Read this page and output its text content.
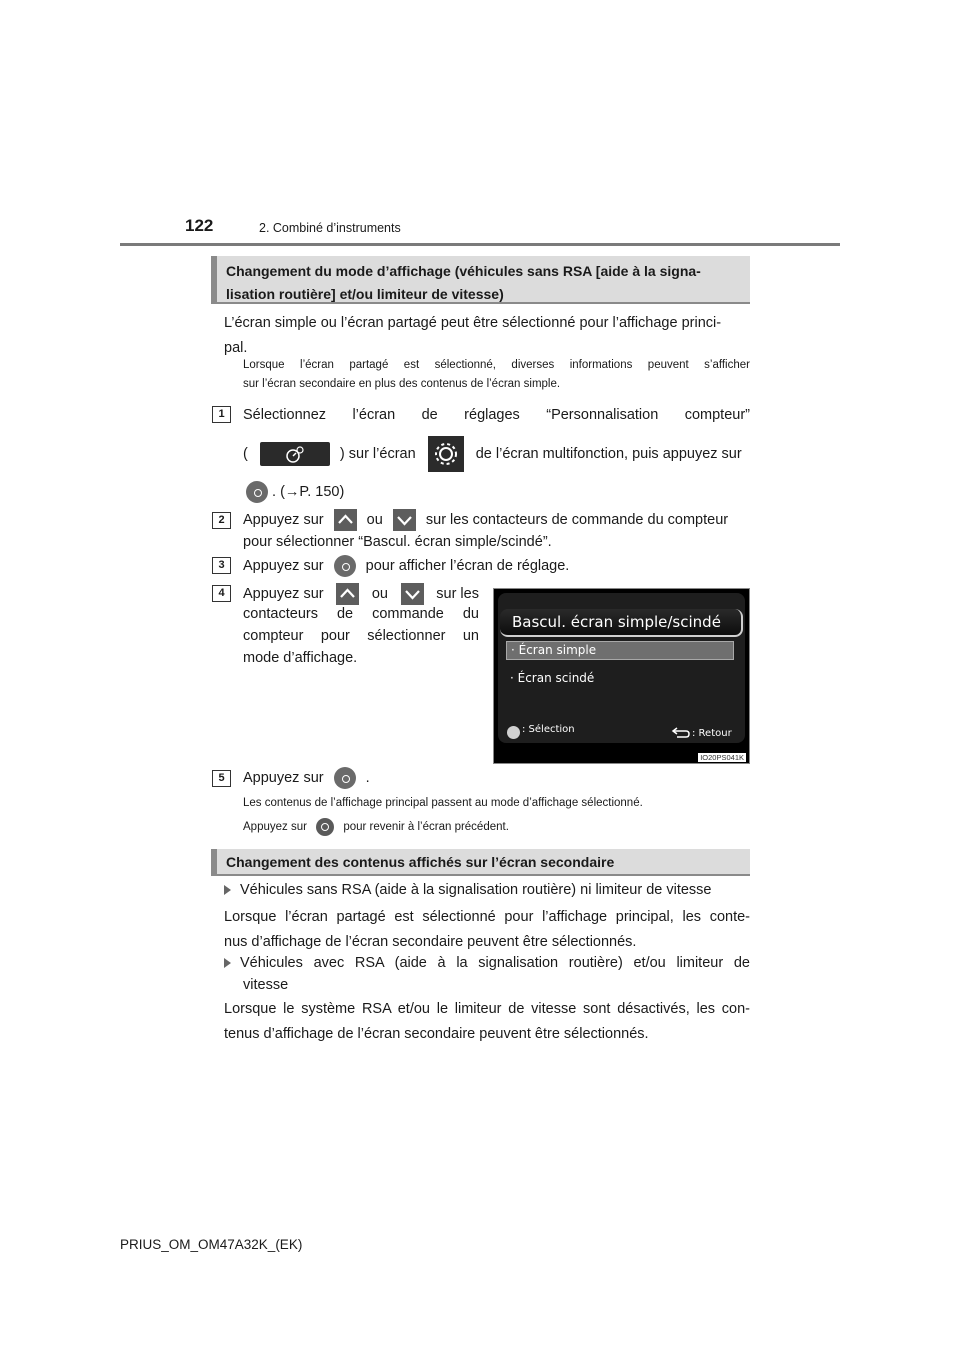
122	2. Combiné d’instruments
Changement du mode d’affichage (véhicules sans RSA [aide à la signa-
lisation routière] et/ou limiteur de vitesse)
L’écran simple ou l’écran partagé peut être sélectionné pour l’affichage princi-
pal.
Lorsque l’écran partagé est sélectionné, diverses informations peuvent s’afficher
sur l’écran secondaire en plus des contenus de l’écran simple.
1	Sélectionnez l’écran de réglages “Personnalisation compteur”
(	) sur l’écran	de l’écran multifonction, puis appuyez sur
. (→P. 150)
2	Appuyez sur	ou	sur les contacteurs de commande du compteur
pour sélectionner “Bascul. écran simple/scindé”.
3	Appuyez sur	pour afficher l’écran de réglage.
4	Appuyez sur	ou	sur les
contacteurs de commande du
compteur pour sélectionner un
mode d’affichage.
Bascul. écran simple/scindé
· Écran simple
· Écran scindé
: Sélection	: Retour
IO20PS041K
5	Appuyez sur	.
Les contenus de l’affichage principal passent au mode d’affichage sélectionné.
Appuyez sur	pour revenir à l’écran précédent.
Changement des contenus affichés sur l’écran secondaire
Véhicules sans RSA (aide à la signalisation routière) ni limiteur de vitesse
Lorsque l’écran partagé est sélectionné pour l’affichage principal, les conte-
nus d’affichage de l’écran secondaire peuvent être sélectionnés.
Véhicules avec RSA (aide à la signalisation routière) et/ou limiteur de
vitesse
Lorsque le système RSA et/ou le limiteur de vitesse sont désactivés, les con-
tenus d’affichage de l’écran secondaire peuvent être sélectionnés.
PRIUS_OM_OM47A32K_(EK)
